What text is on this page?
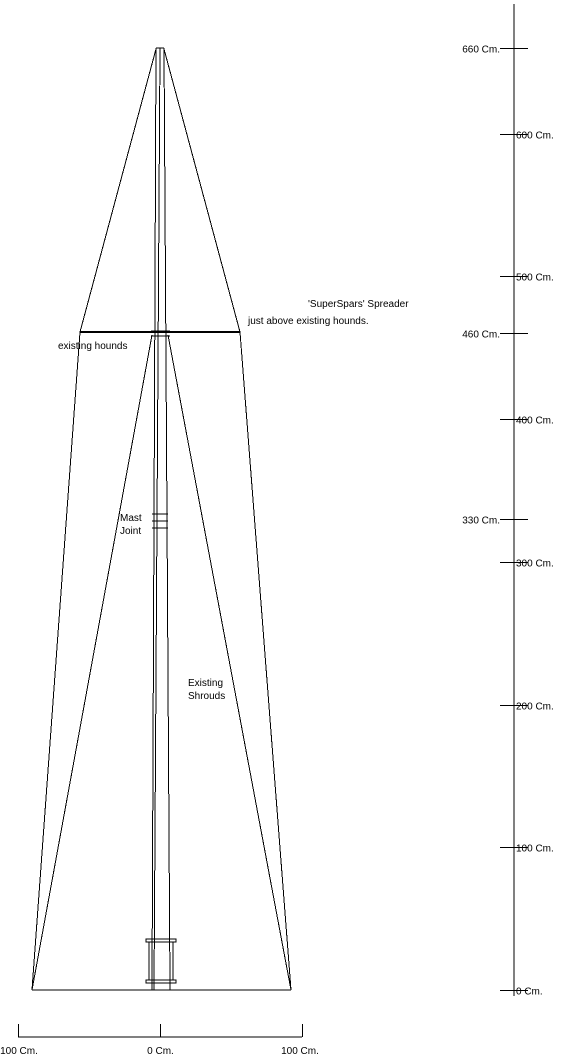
'SuperSpars' Spreader
just above existing hounds.
existing hounds
Mast
Joint
Existing
Shrouds
660 Cm.
600 Cm.
500 Cm.
460 Cm.
400 Cm.
330 Cm.
300 Cm.
200 Cm.
100 Cm.
0 Cm.
100 Cm.	0 Cm.	100 Cm.
